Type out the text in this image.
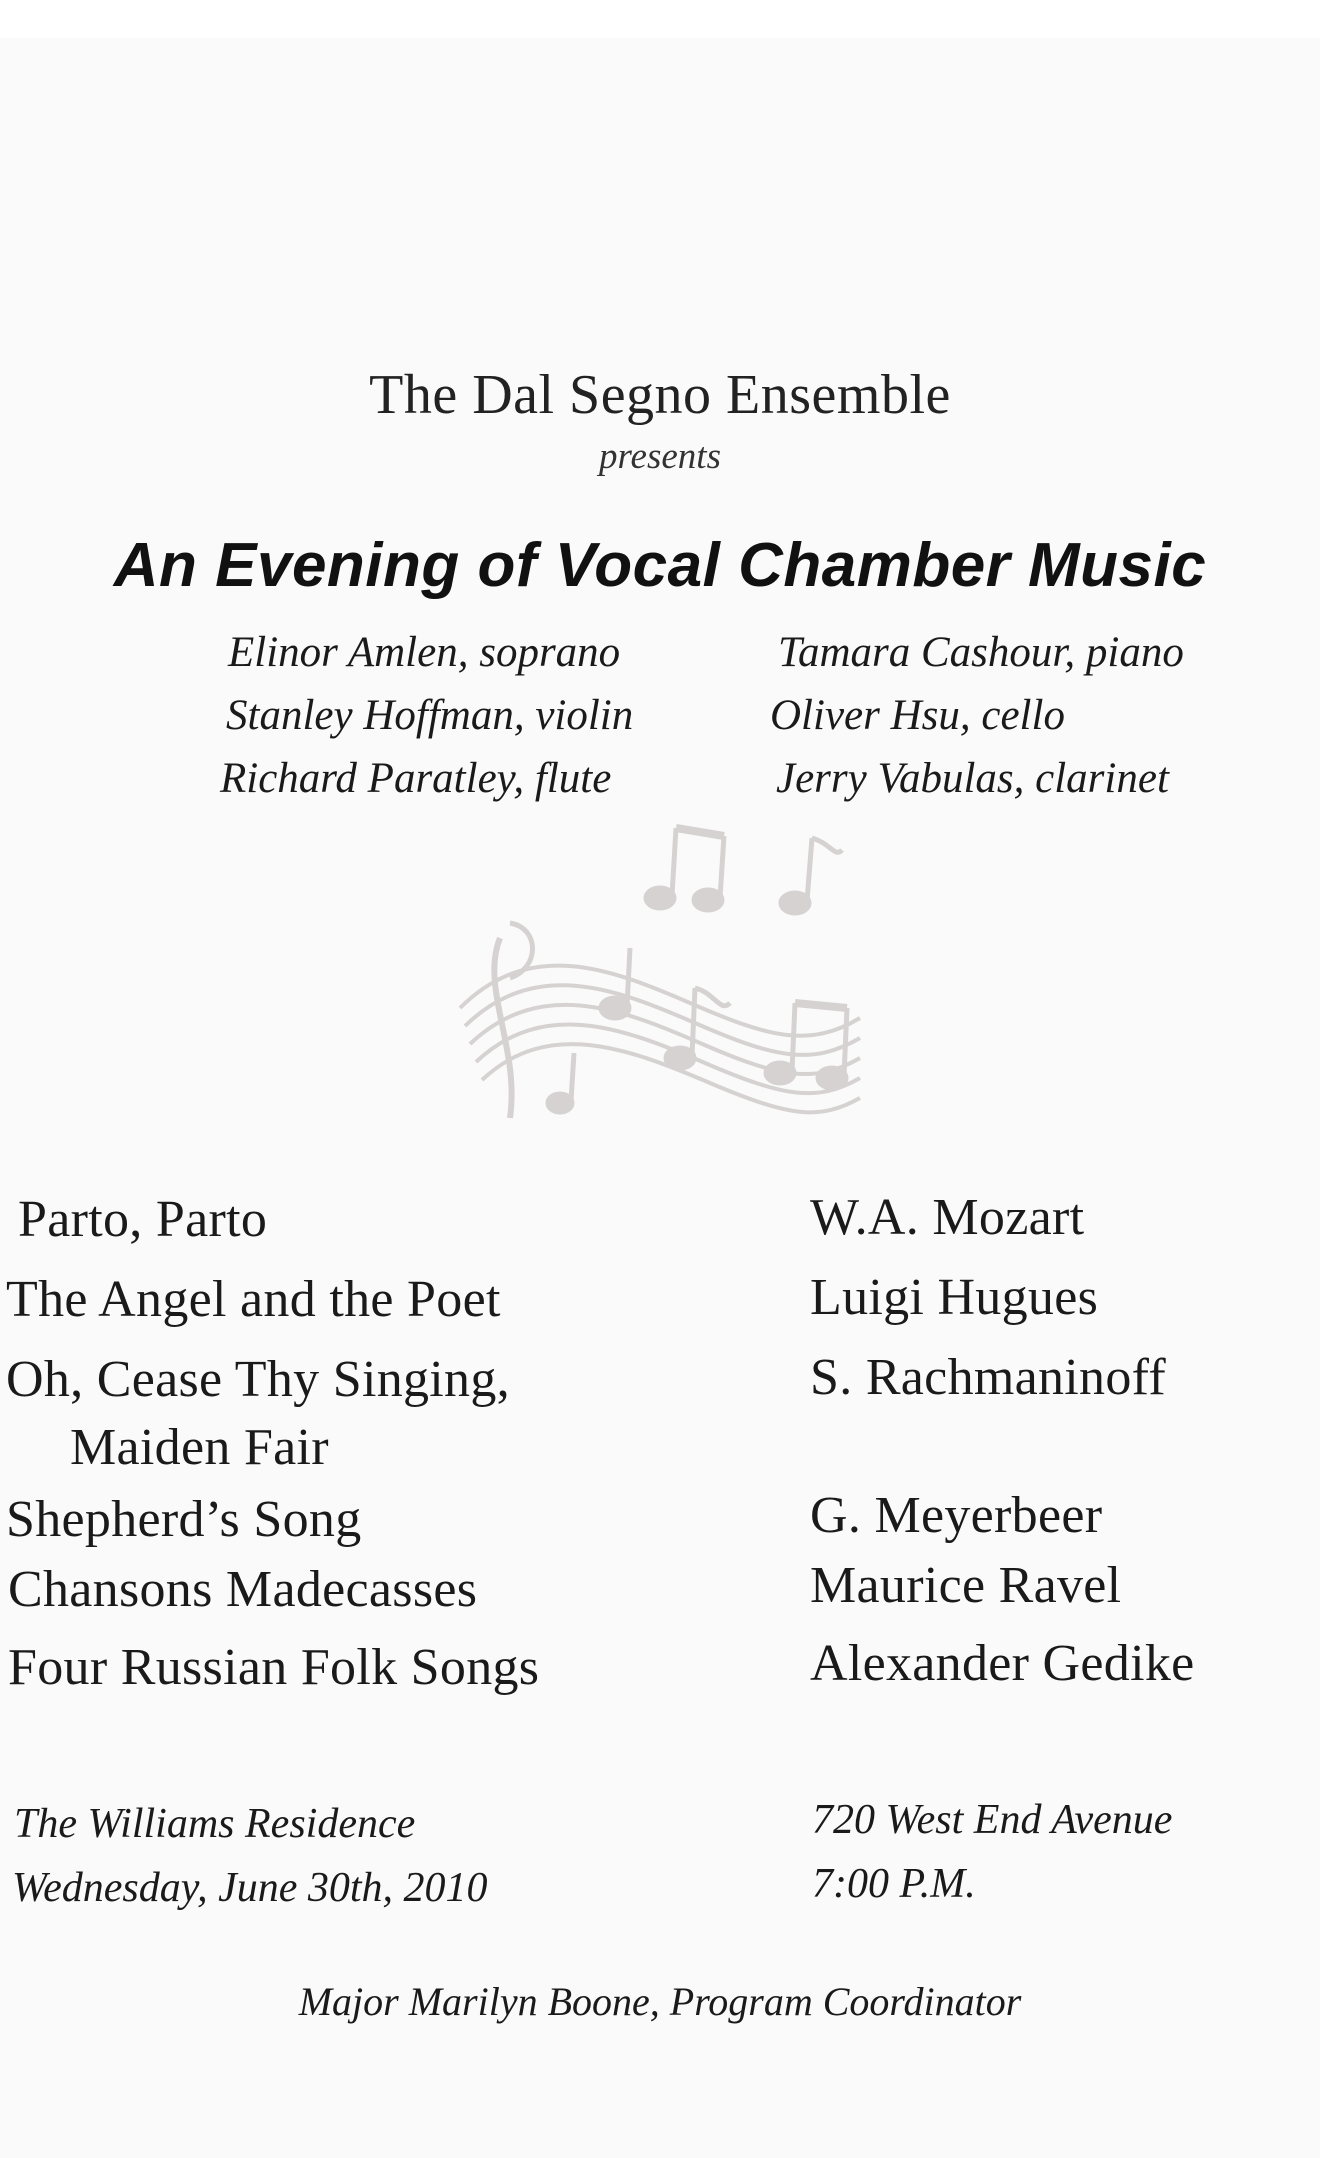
The Dal Segno Ensemble
presents
An Evening of Vocal Chamber Music
Elinor Amlen, soprano
Stanley Hoffman, violin
Richard Paratley, flute
Tamara Cashour, piano
Oliver Hsu, cello
Jerry Vabulas, clarinet
Parto, Parto
The Angel and the Poet
Oh, Cease Thy Singing,
Maiden Fair
Shepherd’s Song
Chansons Madecasses
Four Russian Folk Songs
W.A. Mozart
Luigi Hugues
S. Rachmaninoff
G. Meyerbeer
Maurice Ravel
Alexander Gedike
The Williams Residence
Wednesday, June 30th, 2010
720 West End Avenue
7:00 P.M.
Major Marilyn Boone, Program Coordinator
